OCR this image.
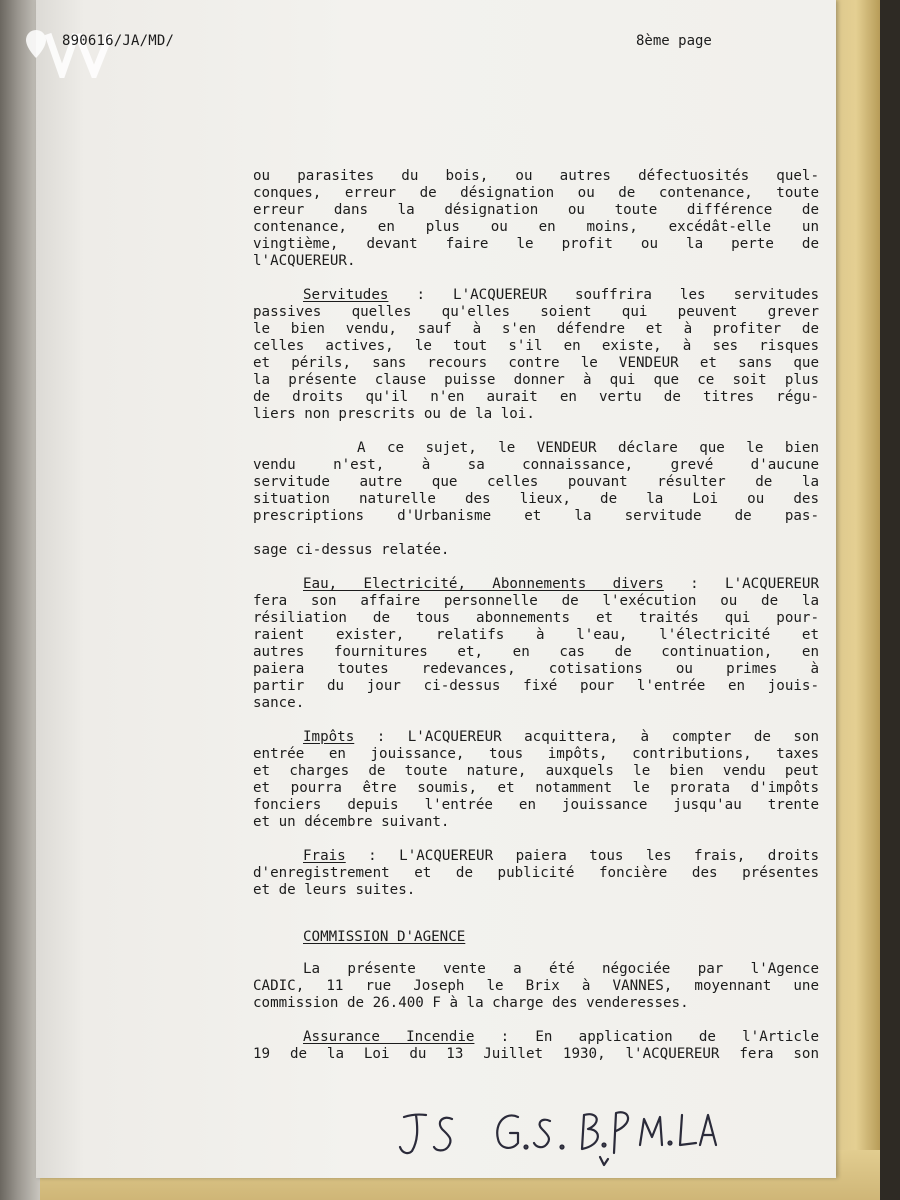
890616/JA/MD/	8ème page
ou parasites du bois, ou autres défectuosités quel-
conques, erreur de désignation ou de contenance, toute
erreur dans la désignation ou toute différence de
contenance, en plus ou en moins, excédât-elle un
vingtième, devant faire le profit ou la perte de
l'ACQUEREUR.
Servitudes : L'ACQUEREUR souffrira les servitudes
passives quelles qu'elles soient qui peuvent grever
le bien vendu, sauf à s'en défendre et à profiter de
celles actives, le tout s'il en existe, à ses risques
et périls, sans recours contre le VENDEUR et sans que
la présente clause puisse donner à qui que ce soit plus
de droits qu'il n'en aurait en vertu de titres régu-
liers non prescrits ou de la loi.
A ce sujet, le VENDEUR déclare que le bien
vendu n'est, à sa connaissance, grevé d'aucune
servitude autre que celles pouvant résulter de la
situation naturelle des lieux, de la Loi ou des
prescriptions d'Urbanisme et la servitude de pas-
sage ci-dessus relatée.
Eau, Electricité, Abonnements divers : L'ACQUEREUR
fera son affaire personnelle de l'exécution ou de la
résiliation de tous abonnements et traités qui pour-
raient exister, relatifs à l'eau, l'électricité et
autres fournitures et, en cas de continuation, en
paiera toutes redevances, cotisations ou primes à
partir du jour ci-dessus fixé pour l'entrée en jouis-
sance.
Impôts : L'ACQUEREUR acquittera, à compter de son
entrée en jouissance, tous impôts, contributions, taxes
et charges de toute nature, auxquels le bien vendu peut
et pourra être soumis, et notamment le prorata d'impôts
fonciers depuis l'entrée en jouissance jusqu'au trente
et un décembre suivant.
Frais : L'ACQUEREUR paiera tous les frais, droits
d'enregistrement et de publicité foncière des présentes
et de leurs suites.
COMMISSION D'AGENCE
La présente vente a été négociée par l'Agence
CADIC, 11 rue Joseph le Brix à VANNES, moyennant une
commission de 26.400 F à la charge des venderesses.
Assurance Incendie : En application de l'Article
19 de la Loi du 13 Juillet 1930, l'ACQUEREUR fera son
